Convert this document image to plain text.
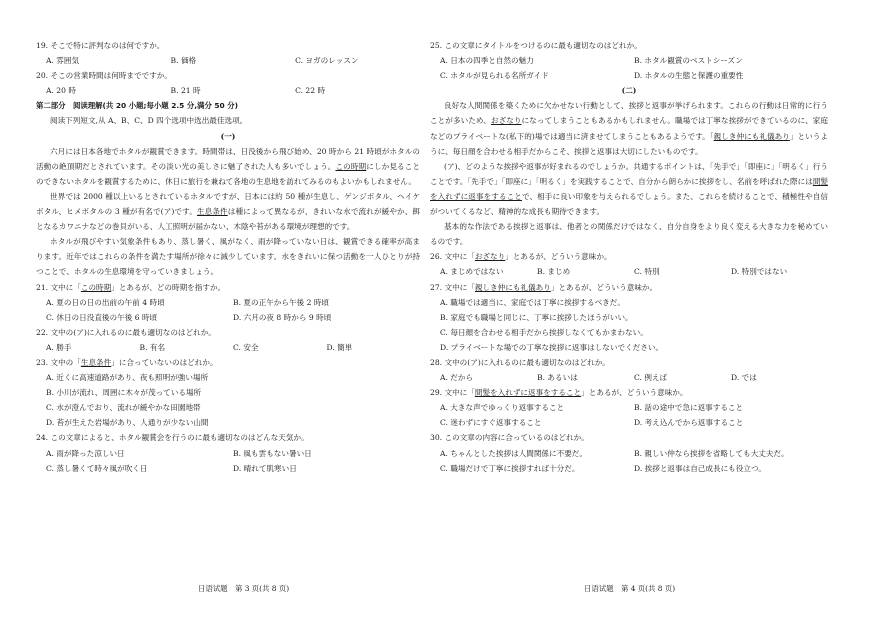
19. そこで特に評判なのは何ですか。

A. 雰囲気	B. 価格	C. ヨガのレッスン

20. そこの営業時間は何時までですか。

A. 20 時	B. 21 時	C. 22 時

第二部分　阅读理解(共 20 小题;每小题 2.5 分,满分 50 分)

阅读下列短文,从 A、B、C、D 四个选项中选出最佳选项。

(一)

六月には日本各地でホタルが観賞できます。時間帯は、日没後から飛び始め、20 時から 21 時頃がホタルの活動の絶頂期だとされています。その淡い光の美しさに魅了された人も多いでしょう。この時期にしか見ることのできないホタルを観賞するために、休日に旅行を兼ねて各地の生息地を訪れてみるのもよいかもしれません。

世界では 2000 種以上いるとされているホタルですが、日本には約 50 種が生息し、ゲンジボタル、ヘイケボタル、ヒメボタルの 3 種が有名で(ア)です。生息条件は種によって異なるが、きれいな水で流れが緩やか、餌となるカワニナなどの巻貝がいる、人工照明が届かない、木陰や苔がある環境が理想的です。

ホタルが飛びやすい気象条件もあり、蒸し暑く、風がなく、雨が降っていない日は、観賞できる確率が高まります。近年ではこれらの条件を満たす場所が徐々に減少しています。水をきれいに保つ活動を一人ひとりが持つことで、ホタルの生息環境を守っていきましょう。

21. 文中に「この時期」とあるが、どの時期を指すか。

A. 夏の日の日の出前の午前 4 時頃	B. 夏の正午から午後 2 時頃
C. 休日の日没直後の午後 6 時頃	D. 六月の夜 8 時から 9 時頃

22. 文中の(ア)に入れるのに最も適切なのはどれか。

A. 勝手	B. 有名	C. 安全	D. 簡単

23. 文中の「生息条件」に合っていないのはどれか。

A. 近くに高速道路があり、夜も照明が強い場所

B. 小川が流れ、周囲に木々が茂っている場所

C. 水が澄んでおり、流れが緩やかな田園地帯

D. 苔が生えた岩場があり、人通りが少ない山間

24. この文章によると、ホタル観賞会を行うのに最も適切なのはどんな天気か。

A. 雨が降った涼しい日	B. 風も雲もない暑い日
C. 蒸し暑くて時々風が吹く日	D. 晴れて肌寒い日

25. この文章にタイトルをつけるのに最も適切なのはどれか。

A. 日本の四季と自然の魅力	B. ホタル観賞のベストシーズン
C. ホタルが見られる名所ガイド	D. ホタルの生態と保護の重要性

(二)

良好な人間関係を築くために欠かせない行動として、挨拶と返事が挙げられます。これらの行動は日常的に行うことが多いため、おざなりになってしまうこともあるかもしれません。職場では丁寧な挨拶ができているのに、家庭などのプライベートな(私下的)場では適当に済ませてしまうこともあるようです。「親しき仲にも礼儀あり」というように、毎日顔を合わせる相手だからこそ、挨拶と返事は大切にしたいものです。

(ア)、どのような挨拶や返事が好まれるのでしょうか。共通するポイントは、「先手で」「即座に」「明るく」行うことです。「先手で」「即座に」「明るく」を実践することで、自分から朗らかに挨拶をし、名前を呼ばれた際には間髪を入れずに返事をすることで、相手に良い印象を与えられるでしょう。また、これらを続けることで、積極性や自信がついてくるなど、精神的な成長も期待できます。

基本的な作法である挨拶と返事は、他者との関係だけではなく、自分自身をより良く変える大きな力を秘めているのです。

26. 文中に「おざなり」とあるが、どういう意味か。

A. まじめではない	B. まじめ	C. 特別	D. 特別ではない

27. 文中に「親しき仲にも礼儀あり」とあるが、どういう意味か。

A. 職場では適当に、家庭では丁寧に挨拶するべきだ。

B. 家庭でも職場と同じに、丁寧に挨拶したほうがいい。

C. 毎日顔を合わせる相手だから挨拶しなくてもかまわない。

D. プライベートな場での丁寧な挨拶に返事はしないでください。

28. 文中の(ア)に入れるのに最も適切なのはどれか。

A. だから	B. あるいは	C. 例えば	D. では

29. 文中に「間髪を入れずに返事をすること」とあるが、どういう意味か。

A. 大きな声でゆっくり返事すること	B. 話の途中で急に返事すること
C. 迷わずにすぐ返事すること	D. 考え込んでから返事すること

30. この文章の内容に合っているのはどれか。

A. ちゃんとした挨拶は人間関係に不要だ。	B. 親しい仲なら挨拶を省略しても大丈夫だ。
C. 職場だけで丁寧に挨拶すれば十分だ。	D. 挨拶と返事は自己成長にも役立つ。
日语试题　第 3 页(共 8 页)	日语试题　第 4 页(共 8 页)
